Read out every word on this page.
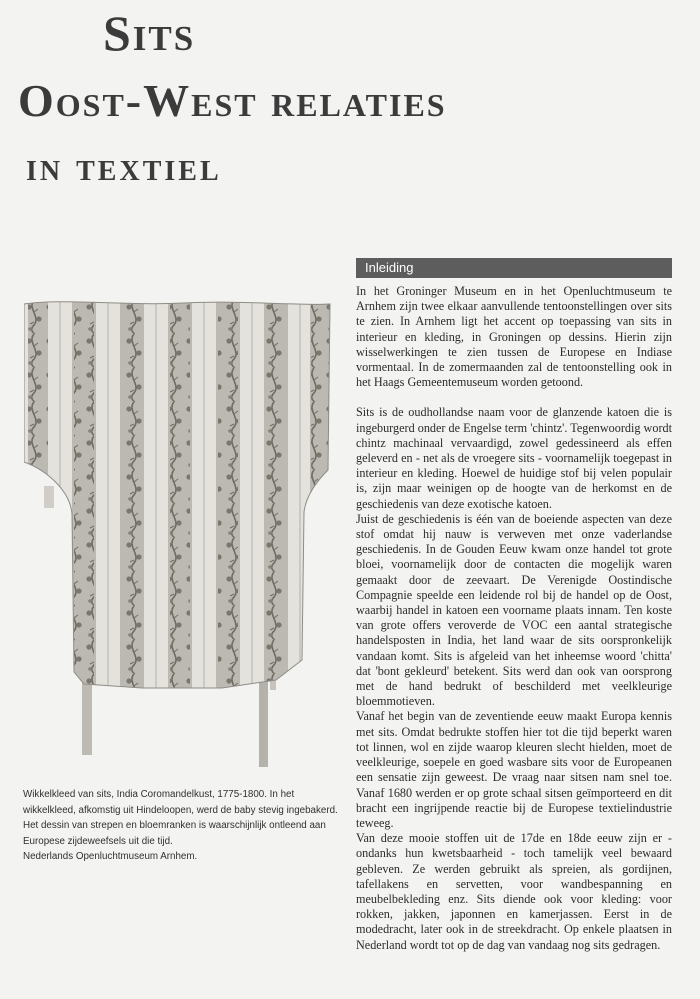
Sits
Oost-West relaties
in textiel

Wikkelkleed van sits, India Coromandelkust, 1775-1800. In het

wikkelkleed, afkomstig uit Hindeloopen, werd de baby stevig ingebakerd.

Het dessin van strepen en bloemranken is waarschijnlijk ontleend aan

Europese zijdeweefsels uit die tijd.

Nederlands Openluchtmuseum Arnhem.

Inleiding

In het Groninger Museum en in het Openluchtmuseum te Arnhem zijn twee elkaar aanvullende tentoonstellingen over sits te zien. In Arnhem ligt het accent op toepassing van sits in interieur en kleding, in Groningen op dessins. Hierin zijn wisselwerkingen te zien tussen de Europese en Indiase vormentaal. In de zomermaanden zal de tentoonstelling ook in het Haags Gemeentemuseum worden getoond.

Sits is de oudhollandse naam voor de glanzende katoen die is ingeburgerd onder de Engelse term 'chintz'. Tegenwoordig wordt chintz machinaal vervaardigd, zowel gedessineerd als effen geleverd en - net als de vroegere sits - voornamelijk toegepast in interieur en kleding. Hoewel de huidige stof bij velen populair is, zijn maar weinigen op de hoogte van de herkomst en de geschiedenis van deze exotische katoen.

Juist de geschiedenis is één van de boeiende aspecten van deze stof omdat hij nauw is verweven met onze vaderlandse geschiedenis. In de Gouden Eeuw kwam onze handel tot grote bloei, voornamelijk door de contacten die mogelijk waren gemaakt door de zeevaart. De Verenigde Oostindische Compagnie speelde een leidende rol bij de handel op de Oost, waarbij handel in katoen een voorname plaats innam. Ten koste van grote offers veroverde de VOC een aantal strategische handelsposten in India, het land waar de sits oorspronkelijk vandaan komt. Sits is afgeleid van het inheemse woord 'chitta' dat 'bont gekleurd' betekent. Sits werd dan ook van oorsprong met de hand bedrukt of beschilderd met veelkleurige bloemmotieven.

Vanaf het begin van de zeventiende eeuw maakt Europa kennis met sits. Omdat bedrukte stoffen hier tot die tijd beperkt waren tot linnen, wol en zijde waarop kleuren slecht hielden, moet de veelkleurige, soepele en goed wasbare sits voor de Europeanen een sensatie zijn geweest. De vraag naar sitsen nam snel toe. Vanaf 1680 werden er op grote schaal sitsen geïmporteerd en dit bracht een ingrijpende reactie bij de Europese textielindustrie teweeg.

Van deze mooie stoffen uit de 17de en 18de eeuw zijn er - ondanks hun kwetsbaarheid - toch tamelijk veel bewaard gebleven. Ze werden gebruikt als spreien, als gordijnen, tafellakens en servetten, voor wandbespanning en meubelbekleding enz. Sits diende ook voor kleding: voor rokken, jakken, japonnen en kamerjassen. Eerst in de modedracht, later ook in de streekdracht. Op enkele plaatsen in Nederland wordt tot op de dag van vandaag nog sits gedragen.
